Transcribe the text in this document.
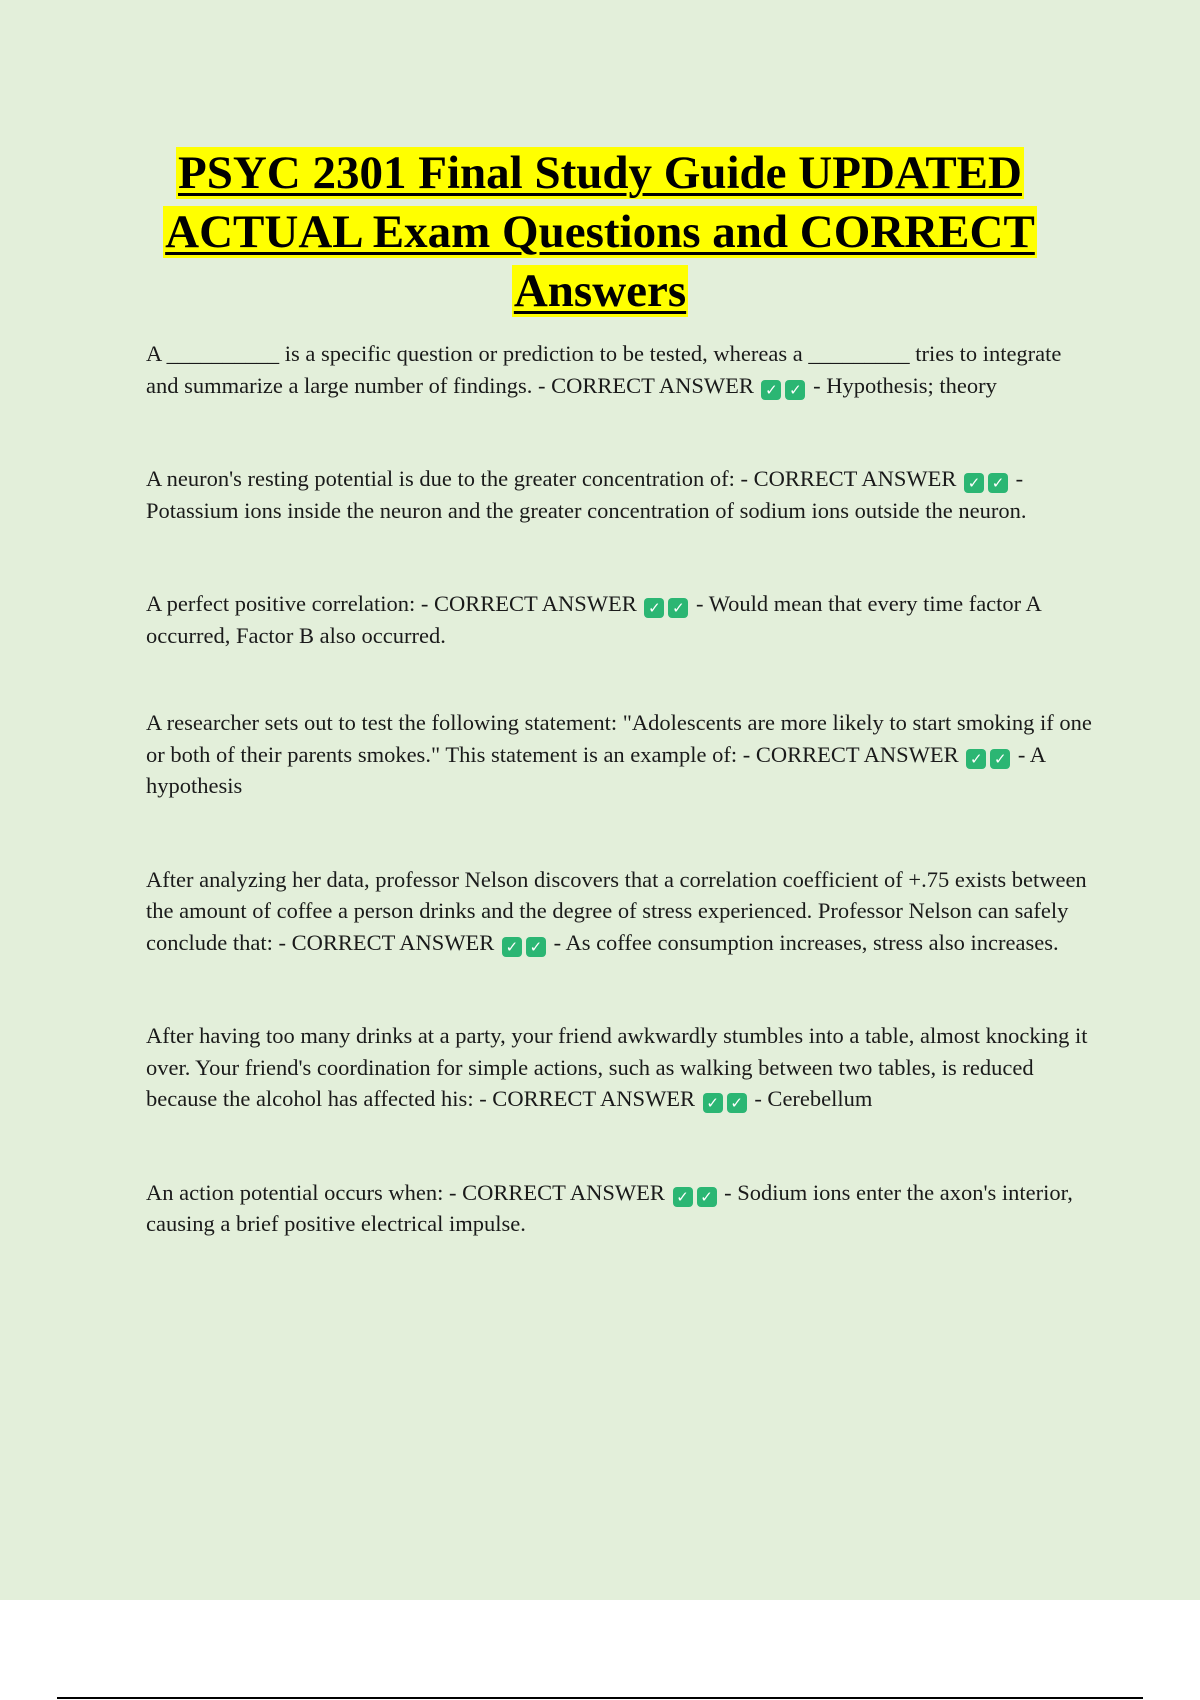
PSYC 2301 Final Study Guide UPDATED ACTUAL Exam Questions and CORRECT Answers

A __________ is a specific question or prediction to be tested, whereas a _________ tries to integrate and summarize a large number of findings. - CORRECT ANSWER ✓ ✓ - Hypothesis; theory

A neuron's resting potential is due to the greater concentration of: - CORRECT ANSWER ✓ ✓ - Potassium ions inside the neuron and the greater concentration of sodium ions outside the neuron.

A perfect positive correlation: - CORRECT ANSWER ✓ ✓ - Would mean that every time factor A occurred, Factor B also occurred.

A researcher sets out to test the following statement: "Adolescents are more likely to start smoking if one or both of their parents smokes." This statement is an example of: - CORRECT ANSWER ✓ ✓ - A hypothesis

After analyzing her data, professor Nelson discovers that a correlation coefficient of +.75 exists between the amount of coffee a person drinks and the degree of stress experienced. Professor Nelson can safely conclude that: - CORRECT ANSWER ✓ ✓ - As coffee consumption increases, stress also increases.

After having too many drinks at a party, your friend awkwardly stumbles into a table, almost knocking it over. Your friend's coordination for simple actions, such as walking between two tables, is reduced because the alcohol has affected his: - CORRECT ANSWER ✓ ✓ - Cerebellum

An action potential occurs when: - CORRECT ANSWER ✓ ✓ - Sodium ions enter the axon's interior, causing a brief positive electrical impulse.
